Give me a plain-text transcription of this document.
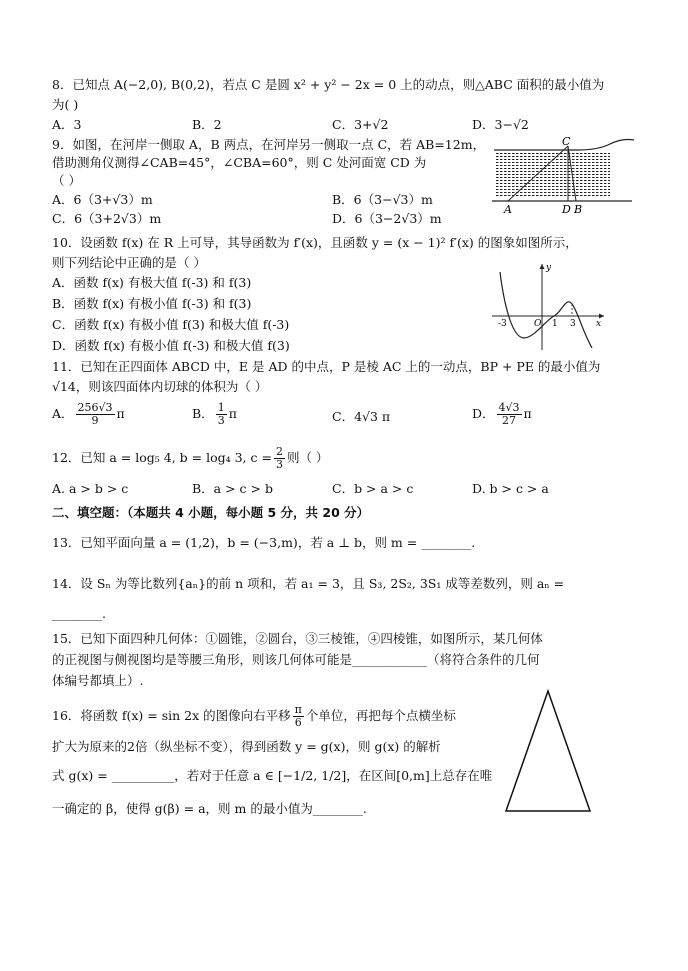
8．已知点 A(−2,0), B(0,2)，若点 C 是圆 x² + y² − 2x = 0 上的动点，则△ABC 面积的最小值为
为( )
A．3	B．2	C．3+√2	D．3−√2
9．如图，在河岸一侧取 A，B 两点，在河岸另一侧取一点 C，若 AB=12m，
借助测角仪测得∠CAB=45°，∠CBA=60°，则 C 处河面宽 CD 为
（ ）
A．6（3+√3）m	B．6（3−√3）m
C．6（3+2√3）m	D．6（3−2√3）m
C
A	D B
10．设函数 f(x) 在 R 上可导，其导函数为 f′(x)，且函数 y = (x − 1)² f′(x) 的图象如图所示，
则下列结论中正确的是（ ）
A．函数 f(x) 有极大值 f(-3) 和 f(3)
B．函数 f(x) 有极小值 f(-3) 和 f(3)
C．函数 f(x) 有极小值 f(3) 和极大值 f(-3)
D．函数 f(x) 有极小值 f(-3) 和极大值 f(3)
y
x
O
-3	1 3
11．已知在正四面体 ABCD 中，E 是 AD 的中点，P 是棱 AC 上的一动点，BP + PE 的最小值为
√14，则该四面体内切球的体积为（ ）
A． $\frac{256√3}{9}$ π	B． $\frac{1}{3}$ π	C．4√3 π	D． $\frac{4√3}{27}$ π
12．已知 a = log₅ 4, b = log₄ 3, $c = \frac{2}{3}$ 则（ ）
A. a > b > c	B．a > c > b	C．b > a > c	D. b > c > a
二、填空题：（本题共 4 小题，每小题 5 分，共 20 分）
13．已知平面向量 a = (1,2)，b = (−3,m)，若 a ⊥ b，则 m = ________.
14．设 Sₙ 为等比数列{aₙ}的前 n 项和，若 a₁ = 3，且 S₃, 2S₂, 3S₁ 成等差数列，则 aₙ =
________.
15．已知下面四种几何体：①圆锥，②圆台，③三棱锥，④四棱锥，如图所示，某几何体
的正视图与侧视图均是等腰三角形，则该几何体可能是____________（将符合条件的几何
体编号都填上）.
16．将函数 f(x) = sin 2x 的图像向右平移 $\frac{\pi}{6}$ 个单位，再把每个点横坐标
扩大为原来的2倍（纵坐标不变），得到函数 y = g(x)，则 g(x) 的解析
式 g(x) = __________，若对于任意 a ∈ [−1/2, 1/2]，在区间[0,m]上总存在唯
一确定的 β，使得 g(β) = a，则 m 的最小值为________.
